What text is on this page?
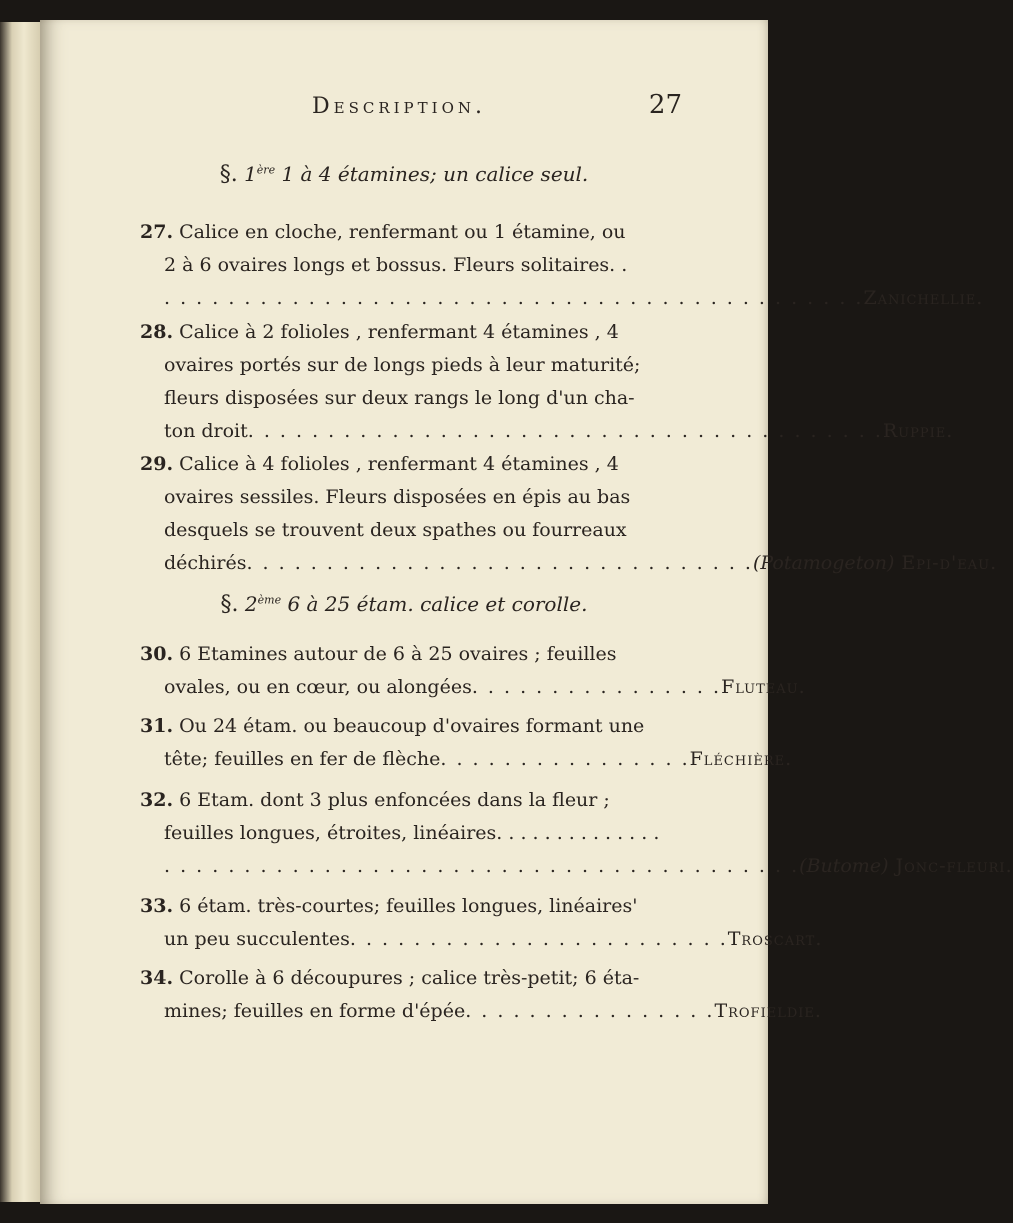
Description.	27
§. 1ère 1 à 4 étamines; un calice seul.
27. Calice en cloche, renfermant ou 1 étamine, ou
2 à 6 ovaires longs et bossus. Fleurs solitaires. .
. . . . . . . . . . . . . . . . . . . . . . . . . . . . . . . . . . . . . . . . . . . . Zanichellie.
28. Calice à 2 folioles , renfermant 4 étamines , 4
ovaires portés sur de longs pieds à leur maturité;
fleurs disposées sur deux rangs le long d'un cha-
ton droit . . . . . . . . . . . . . . . . . . . . . . . . . . . . . . . . . . . . . . . . Ruppie.
29. Calice à 4 folioles , renfermant 4 étamines , 4
ovaires sessiles. Fleurs disposées en épis au bas
desquels se trouvent deux spathes ou fourreaux
déchirés . . . . . . . . . . . . . . . . . . . . . . . . . . . . . . . . (Potamogeton) Epi-d'eau.
§. 2ème 6 à 25 étam. calice et corolle.
30. 6 Etamines autour de 6 à 25 ovaires ; feuilles
ovales, ou en cœur, ou alongées . . . . . . . . . . . . . . . . Fluteau.
31. Ou 24 étam. ou beaucoup d'ovaires formant une
tête; feuilles en fer de flèche . . . . . . . . . . . . . . . . Fléchière.
32. 6 Etam. dont 3 plus enfoncées dans la fleur ;
feuilles longues, étroites, linéaires. . . . . . . . . . . . . .
. . . . . . . . . . . . . . . . . . . . . . . . . . . . . . . . . . . . . . . . (Butome) Jonc-fleuri.
33. 6 étam. très-courtes; feuilles longues, linéaires'
un peu succulentes . . . . . . . . . . . . . . . . . . . . . . . . Troscart.
34. Corolle à 6 découpures ; calice très-petit; 6 éta-
mines; feuilles en forme d'épée . . . . . . . . . . . . . . . . Trofieldie.
